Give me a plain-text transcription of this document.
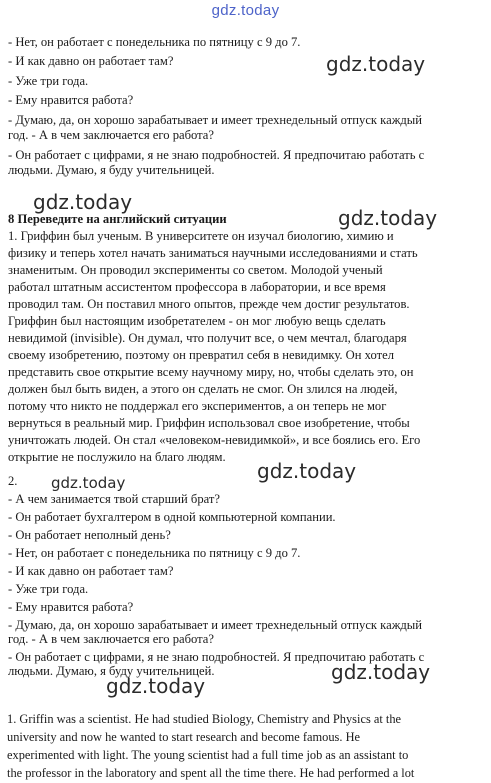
gdz.today
gdz.today
gdz.today
gdz.today
gdz.today
gdz.today
gdz.today
gdz.today
- Нет, он работает с понедельника по пятницу с 9 до 7.
- И как давно он работает там?
- Уже три года.
- Ему нравится работа?
- Думаю, да, он хорошо зарабатывает и имеет трехнедельный отпуск каждый
год. - А в чем заключается его работа?
- Он работает с цифрами, я не знаю подробностей. Я предпочитаю работать с
людьми. Думаю, я буду учительницей.
8 Переведите на английский ситуации
1. Гриффин был ученым. В университете он изучал биологию, химию и
физику и теперь хотел начать заниматься научными исследованиями и стать
знаменитым. Он проводил эксперименты со светом. Молодой ученый
работал штатным ассистентом профессора в лаборатории, и все время
проводил там. Он поставил много опытов, прежде чем достиг результатов.
Гриффин был настоящим изобретателем - он мог любую вещь сделать
невидимой (invisible). Он думал, что получит все, о чем мечтал, благодаря
своему изобретению, поэтому он превратил себя в невидимку. Он хотел
представить свое открытие всему научному миру, но, чтобы сделать это, он
должен был быть виден, а этого он сделать не смог. Он злился на людей,
потому что никто не поддержал его экспериментов, а он теперь не мог
вернуться в реальный мир. Гриффин использовал свое изобретение, чтобы
уничтожать людей. Он стал «человеком-невидимкой», и все боялись его. Его
открытие не послужило на благо людям.
2.
- А чем занимается твой старший брат?
- Он работает бухгалтером в одной компьютерной компании.
- Он работает неполный день?
- Нет, он работает с понедельника по пятницу с 9 до 7.
- И как давно он работает там?
- Уже три года.
- Ему нравится работа?
- Думаю, да, он хорошо зарабатывает и имеет трехнедельный отпуск каждый
год. - А в чем заключается его работа?
- Он работает с цифрами, я не знаю подробностей. Я предпочитаю работать с
людьми. Думаю, я буду учительницей.
1. Griffin was a scientist. He had studied Biology, Chemistry and Physics at the
university and now he wanted to start research and become famous. He
experimented with light. The young scientist had a full time job as an assistant to
the professor in the laboratory and spent all the time there. He had performed a lot
